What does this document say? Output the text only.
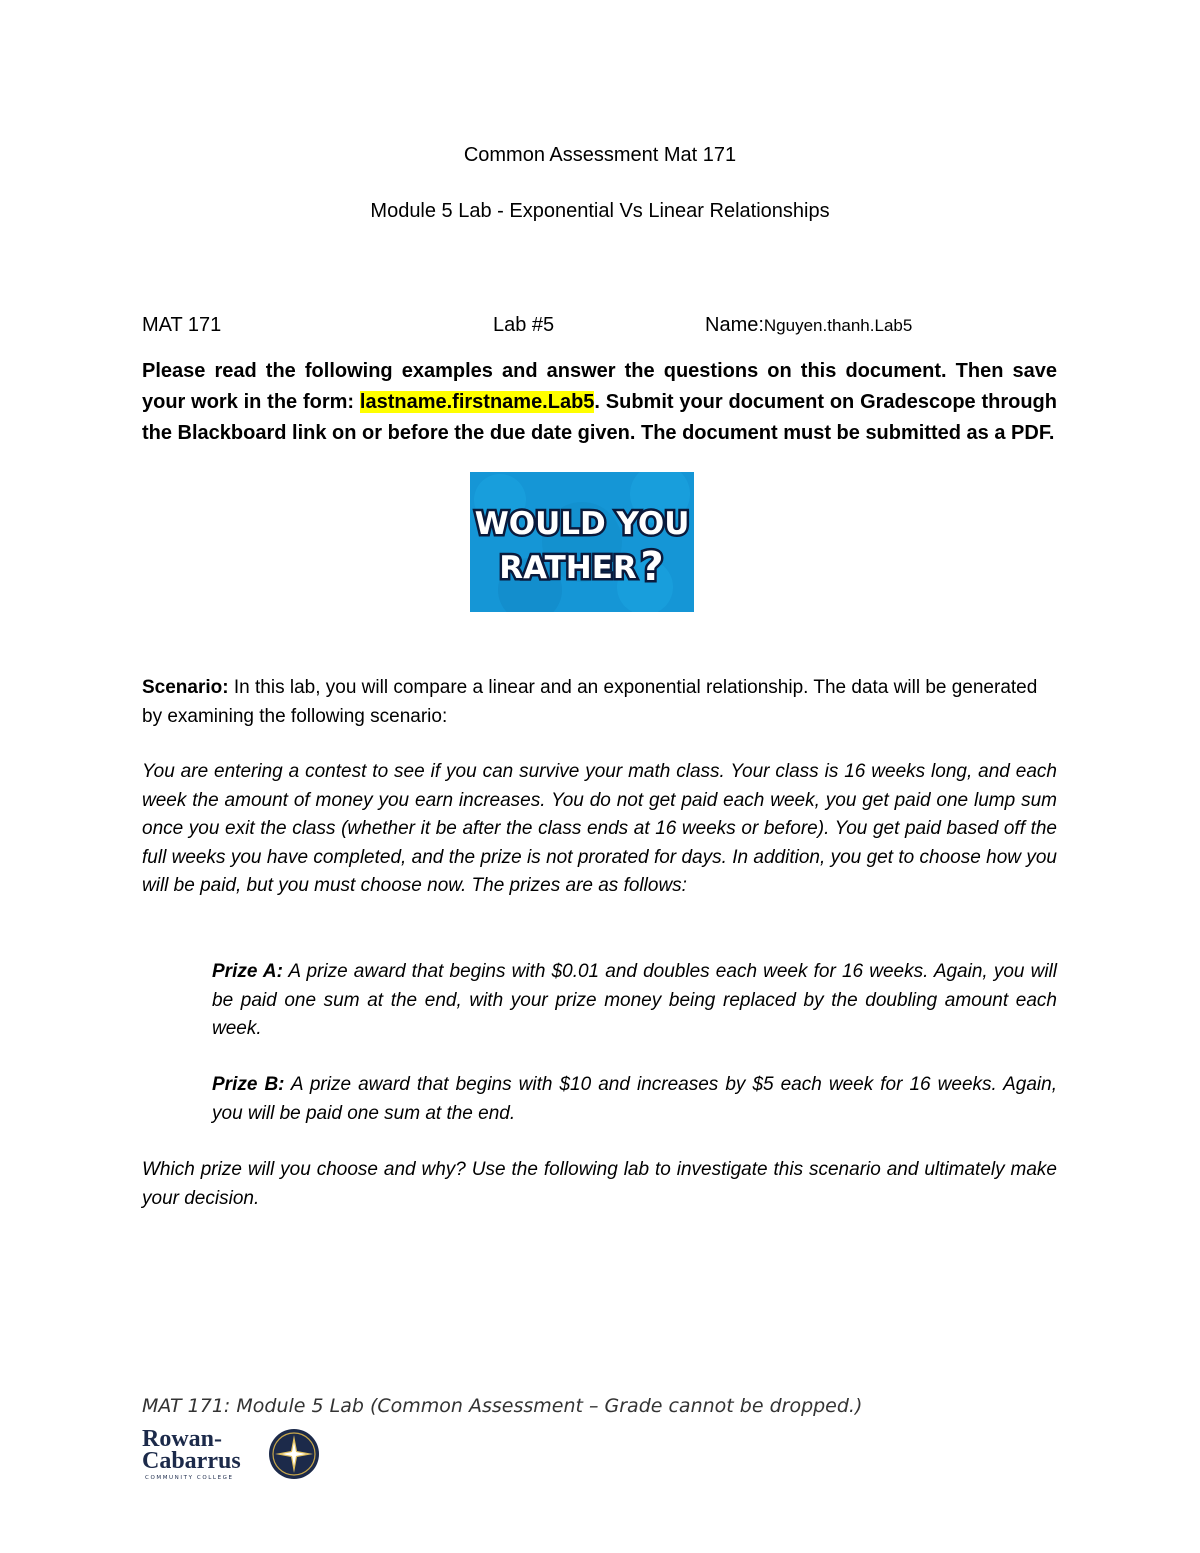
Common Assessment Mat 171
Module 5 Lab - Exponential Vs Linear Relationships
MAT 171	Lab #5	Name:Nguyen.thanh.Lab5
Please read the following examples and answer the questions on this document. Then save your work in the form: lastname.firstname.Lab5. Submit your document on Gradescope through the Blackboard link on or before the due date given. The document must be submitted as a PDF.
WOULD YOU
RATHER ?
Scenario: In this lab, you will compare a linear and an exponential relationship. The data will be generated by examining the following scenario:
You are entering a contest to see if you can survive your math class. Your class is 16 weeks long, and each week the amount of money you earn increases. You do not get paid each week, you get paid one lump sum once you exit the class (whether it be after the class ends at 16 weeks or before). You get paid based off the full weeks you have completed, and the prize is not prorated for days. In addition, you get to choose how you will be paid, but you must choose now. The prizes are as follows:
Prize A: A prize award that begins with $0.01 and doubles each week for 16 weeks. Again, you will be paid one sum at the end, with your prize money being replaced by the doubling amount each week.
Prize B: A prize award that begins with $10 and increases by $5 each week for 16 weeks. Again, you will be paid one sum at the end.
Which prize will you choose and why? Use the following lab to investigate this scenario and ultimately make your decision.
MAT 171: Module 5 Lab (Common Assessment – Grade cannot be dropped.)
Rowan-
Cabarrus
COMMUNITY COLLEGE
